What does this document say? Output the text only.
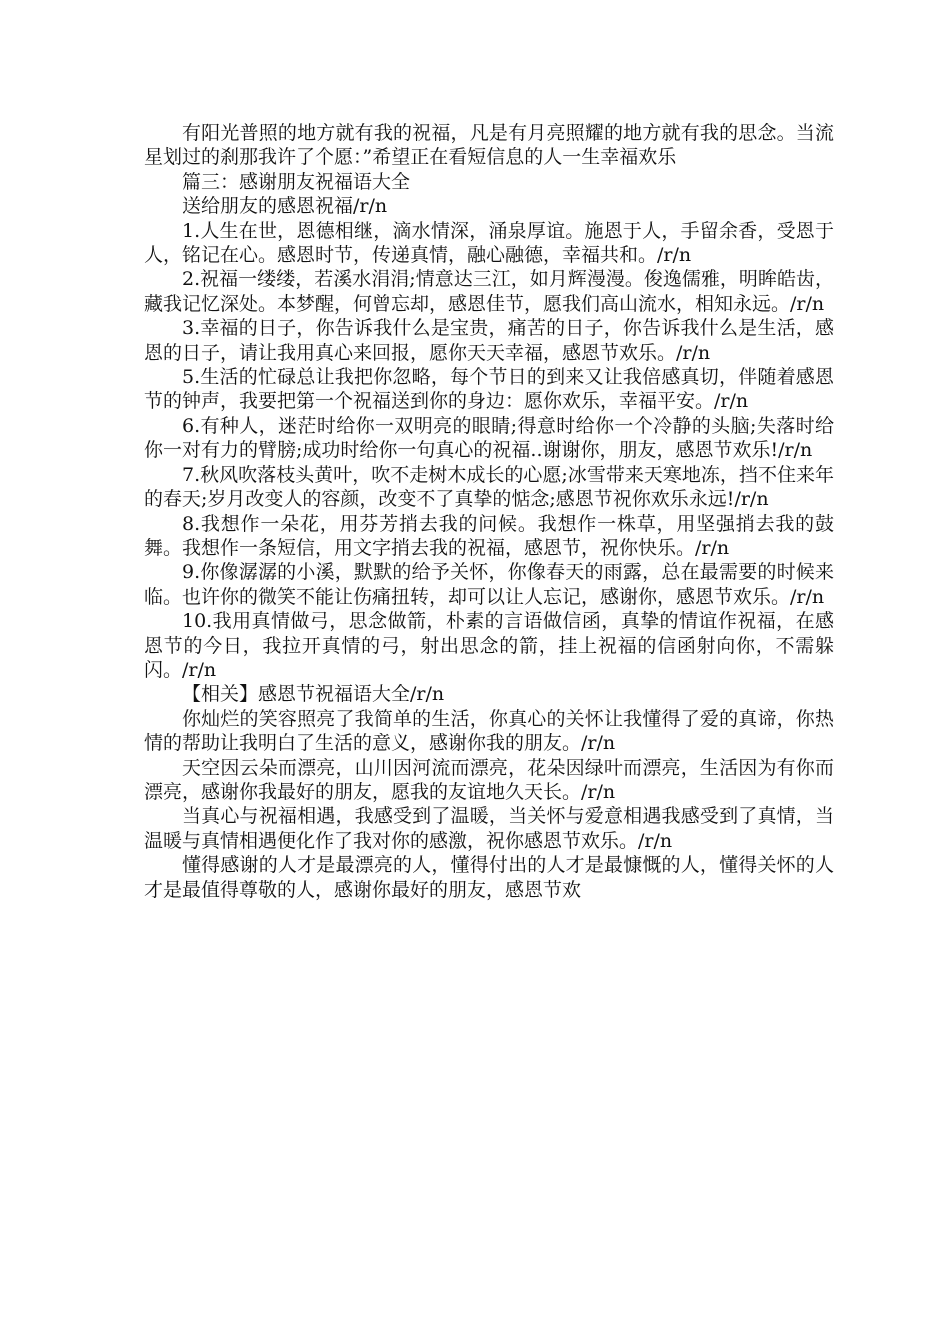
有阳光普照的地方就有我的祝福，凡是有月亮照耀的地方就有我的思念。当流星划过的刹那我许了个愿：”希望正在看短信息的人一生幸福欢乐

篇三：感谢朋友祝福语大全

送给朋友的感恩祝福/r/n

1.人生在世，恩德相继，滴水情深，涌泉厚谊。施恩于人，手留余香，受恩于人，铭记在心。感恩时节，传递真情，融心融德，幸福共和。/r/n

2.祝福一缕缕，若溪水涓涓;情意达三江，如月辉漫漫。俊逸儒雅，明眸皓齿，藏我记忆深处。本梦醒，何曾忘却，感恩佳节，愿我们高山流水，相知永远。/r/n

3.幸福的日子，你告诉我什么是宝贵，痛苦的日子，你告诉我什么是生活，感恩的日子，请让我用真心来回报，愿你天天幸福，感恩节欢乐。/r/n

5.生活的忙碌总让我把你忽略，每个节日的到来又让我倍感真切，伴随着感恩节的钟声，我要把第一个祝福送到你的身边：愿你欢乐，幸福平安。/r/n

6.有种人，迷茫时给你一双明亮的眼睛;得意时给你一个冷静的头脑;失落时给你一对有力的臂膀;成功时给你一句真心的祝福..谢谢你，朋友，感恩节欢乐!/r/n

7.秋风吹落枝头黄叶，吹不走树木成长的心愿;冰雪带来天寒地冻，挡不住来年的春天;岁月改变人的容颜，改变不了真挚的惦念;感恩节祝你欢乐永远!/r/n

8.我想作一朵花，用芬芳捎去我的问候。我想作一株草，用坚强捎去我的鼓舞。我想作一条短信，用文字捎去我的祝福，感恩节，祝你快乐。/r/n

9.你像潺潺的小溪，默默的给予关怀，你像春天的雨露，总在最需要的时候来临。也许你的微笑不能让伤痛扭转，却可以让人忘记，感谢你，感恩节欢乐。/r/n

10.我用真情做弓，思念做箭，朴素的言语做信函，真挚的情谊作祝福，在感恩节的今日，我拉开真情的弓，射出思念的箭，挂上祝福的信函射向你，不需躲闪。/r/n

【相关】感恩节祝福语大全/r/n

你灿烂的笑容照亮了我简单的生活，你真心的关怀让我懂得了爱的真谛，你热情的帮助让我明白了生活的意义，感谢你我的朋友。/r/n

天空因云朵而漂亮，山川因河流而漂亮，花朵因绿叶而漂亮，生活因为有你而漂亮，感谢你我最好的朋友，愿我的友谊地久天长。/r/n

当真心与祝福相遇，我感受到了温暖，当关怀与爱意相遇我感受到了真情，当温暖与真情相遇便化作了我对你的感激，祝你感恩节欢乐。/r/n

懂得感谢的人才是最漂亮的人，懂得付出的人才是最慷慨的人，懂得关怀的人才是最值得尊敬的人，感谢你最好的朋友，感恩节欢
